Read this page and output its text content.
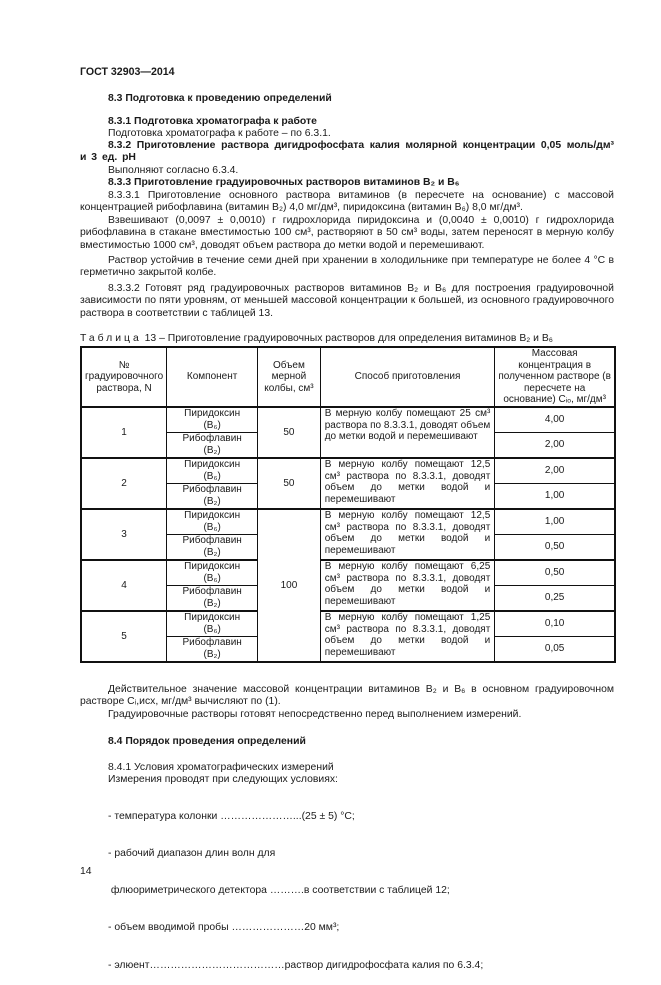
ГОСТ 32903—2014
8.3 Подготовка к проведению определений
8.3.1 Подготовка хроматографа к работе
Подготовка хроматографа к работе – по 6.3.1.

8.3.2 Приготовление раствора дигидрофосфата калия молярной концентрации 0,05 моль/дм³ и 3 ед. pH

Выполняют согласно 6.3.4.
8.3.3 Приготовление градуировочных растворов витаминов B₂ и B₆

8.3.3.1 Приготовление основного раствора витаминов (в пересчете на основание) с массовой концентрацией рибофлавина (витамин B₂) 4,0 мг/дм³, пиридоксина (витамин B₆) 8,0 мг/дм³.

Взвешивают (0,0097 ± 0,0010) г гидрохлорида пиридоксина и (0,0040 ± 0,0010) г гидрохлорида рибофлавина в стакане вместимостью 100 см³, растворяют в 50 см³ воды, затем переносят в мерную колбу вместимостью 1000 см³, доводят объем раствора до метки водой и перемешивают.

Раствор устойчив в течение семи дней при хранении в холодильнике при температуре не более 4 °С в герметично закрытой колбе.

8.3.3.2 Готовят ряд градуировочных растворов витаминов B₂ и B₆ для построения градуировочной зависимости по пяти уровням, от меньшей массовой концентрации к большей, из основного градуировочного раствора в соответствии с таблицей 13.

Таблица 13 – Приготовление градуировочных растворов для определения витаминов B₂ и B₆
№ градуировочного раствора, N	Компонент	Объем мерной колбы, см³	Способ приготовления	Массовая концентрация в полученном растворе (в пересчете на основание) Cᵢₒ, мг/дм³
1	Пиридоксин
(B₆)	50	В мерную колбу помещают 25 см³ раствора по 8.3.3.1, доводят объем до метки водой и перемешивают	4,00

	Рибофлавин
(B₂)			2,00
2	Пиридоксин
(B₆)	50	В мерную колбу помещают 12,5 см³ раствора по 8.3.3.1, доводят объем до метки водой и перемешивают	2,00

	Рибофлавин
(B₂)			1,00
3	Пиридоксин
(B₆)	100	В мерную колбу помещают 12,5 см³ раствора по 8.3.3.1, доводят объем до метки водой и перемешивают	1,00

	Рибофлавин
(B₂)			0,50
4	Пиридоксин
(B₆)		В мерную колбу помещают 6,25 см³ раствора по 8.3.3.1, доводят объем до метки водой и перемешивают	0,50

	Рибофлавин
(B₂)			0,25
5	Пиридоксин
(B₆)		В мерную колбу помещают 1,25 см³ раствора по 8.3.3.1, доводят объем до метки водой и перемешивают	0,10

	Рибофлавин
(B₂)			0,05

Действительное значение массовой концентрации витаминов B₂ и B₆ в основном градуировочном растворе Cᵢ,исх, мг/дм³ вычисляют по (1).

Градуировочные растворы готовят непосредственно перед выполнением измерений.
8.4 Порядок проведения определений
8.4.1 Условия хроматографических измерений
Измерения проводят при следующих условиях:

- температура колонки …………………...(25 ± 5) °С;

- рабочий диапазон длин волн для

флюориметрического детектора ……….в соответствии с таблицей 12;

- объем вводимой пробы …………………20 мм³;

- элюент…………………………………раствор дигидрофосфата калия по 6.3.4;

14
